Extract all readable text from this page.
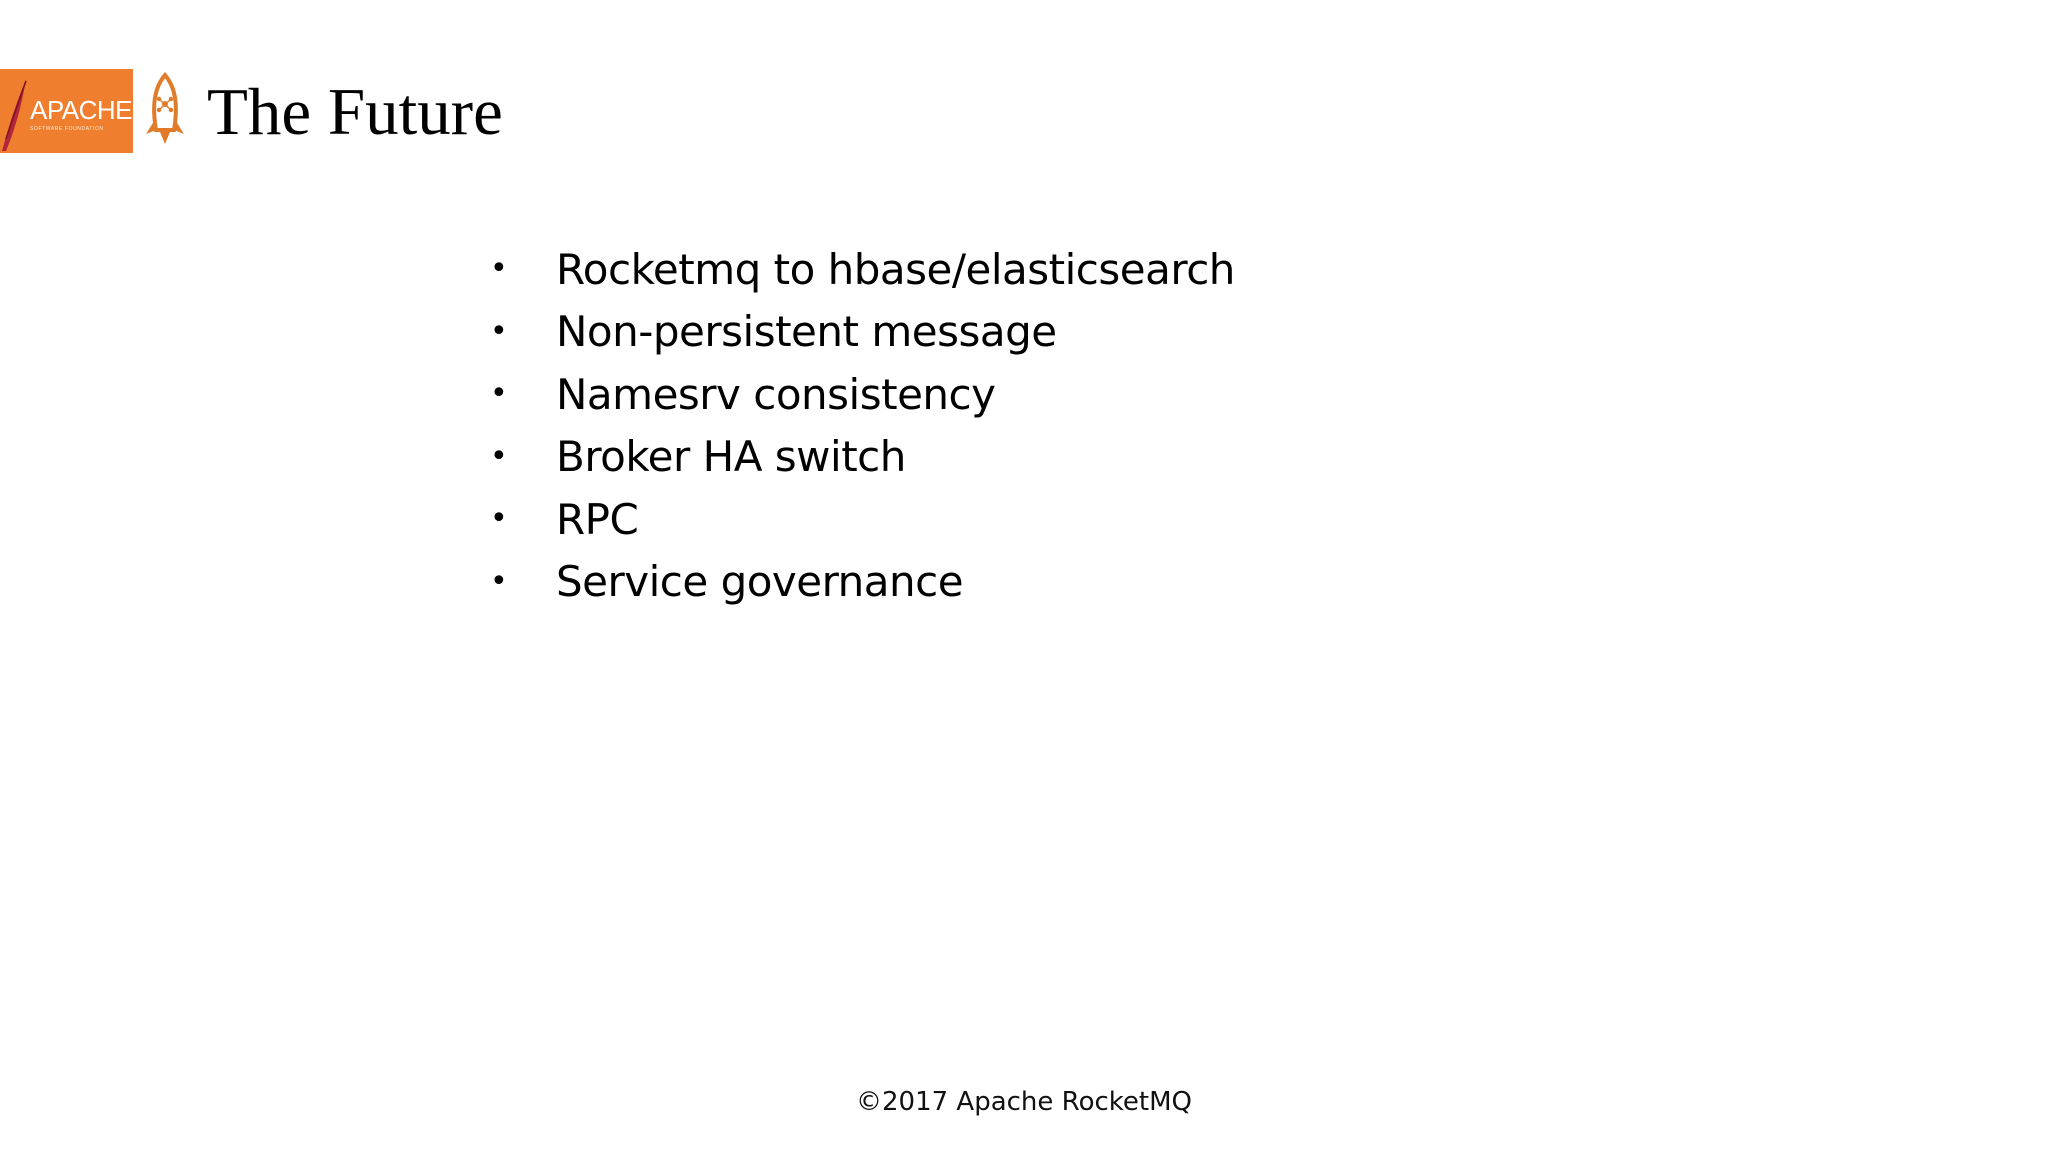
APACHE
SOFTWARE FOUNDATION The Future
•	Rocketmq to hbase/elasticsearch
•	Non-persistent message
•	Namesrv consistency
•	Broker HA switch
•	RPC
•	Service governance
©2017 Apache RocketMQ
